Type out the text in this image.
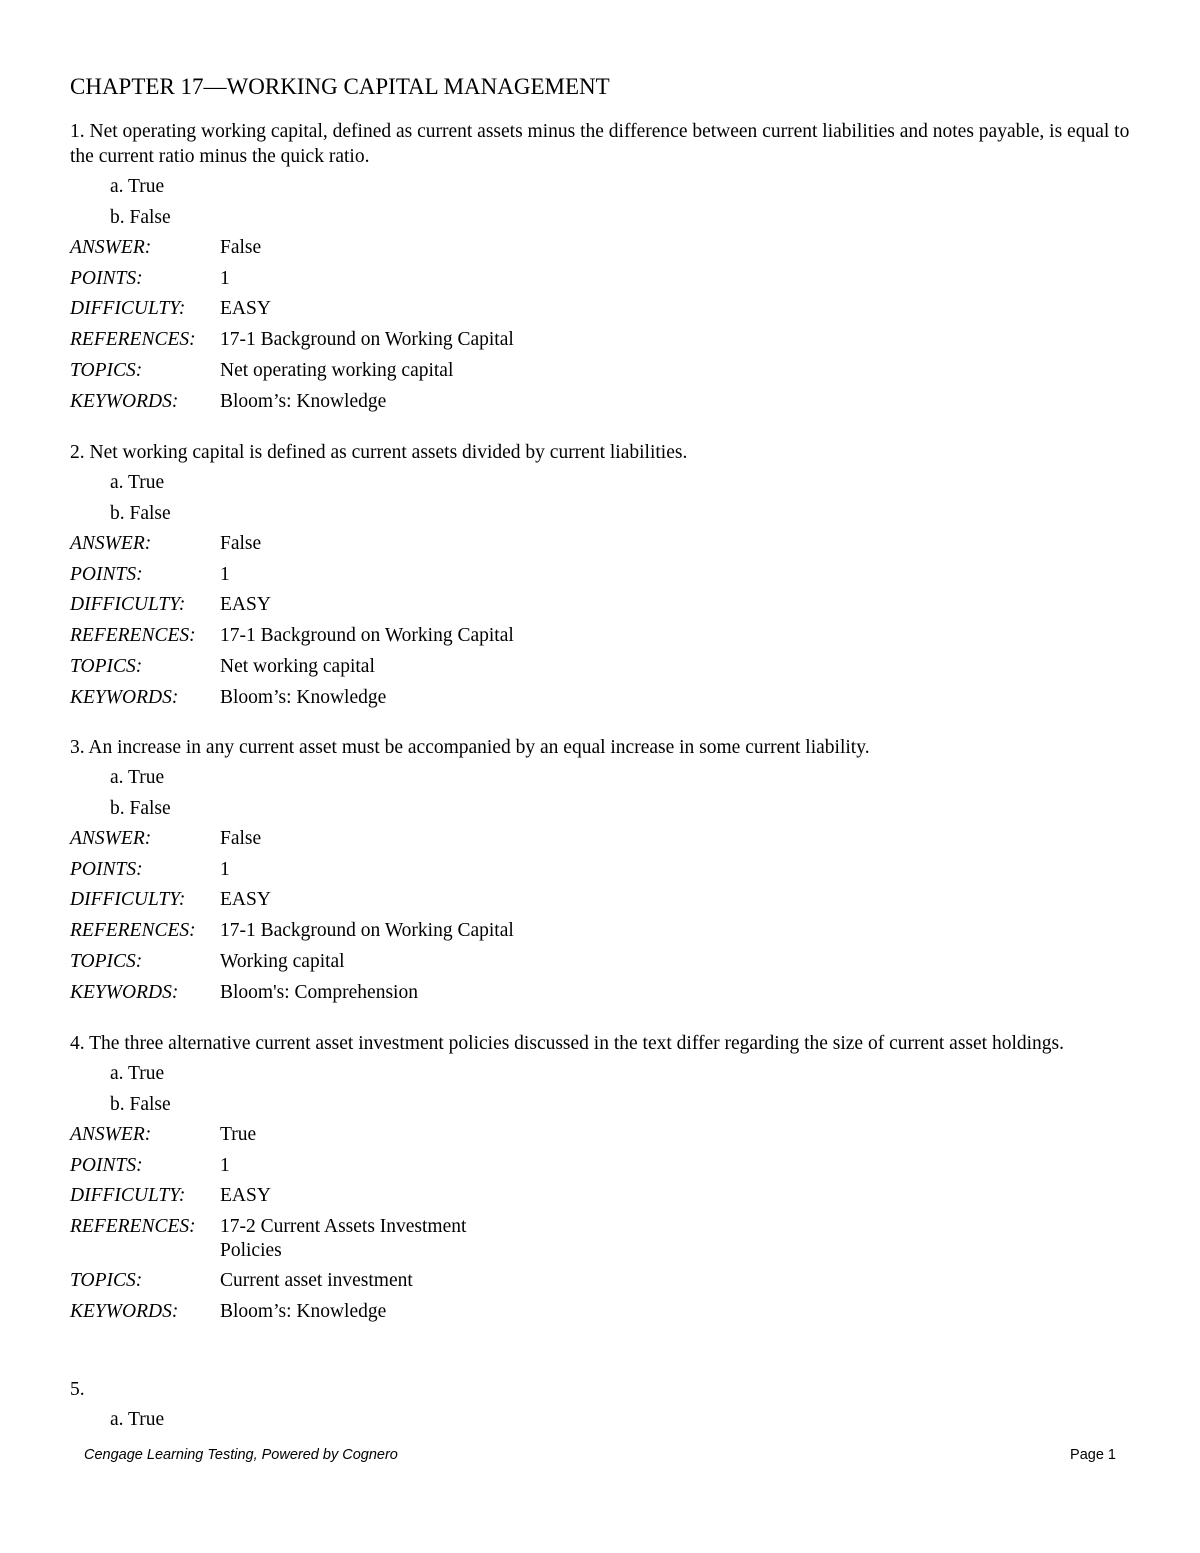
CHAPTER 17—WORKING CAPITAL MANAGEMENT

1. Net operating working capital, defined as current assets minus the difference between current liabilities and notes payable, is equal to the current ratio minus the quick ratio.

a. True
b. False
ANSWER:	False
POINTS:	1
DIFFICULTY:	EASY
REFERENCES:	17-1 Background on Working Capital
TOPICS:	Net operating working capital
KEYWORDS:	Bloom’s: Knowledge

2. Net working capital is defined as current assets divided by current liabilities.

a. True
b. False
ANSWER:	False
POINTS:	1
DIFFICULTY:	EASY
REFERENCES:	17-1 Background on Working Capital
TOPICS:	Net working capital
KEYWORDS:	Bloom’s: Knowledge

3. An increase in any current asset must be accompanied by an equal increase in some current liability.

a. True
b. False
ANSWER:	False
POINTS:	1
DIFFICULTY:	EASY
REFERENCES:	17-1 Background on Working Capital
TOPICS:	Working capital
KEYWORDS:	Bloom's: Comprehension

4. The three alternative current asset investment policies discussed in the text differ regarding the size of current asset holdings.

a. True
b. False
ANSWER:	True
POINTS:	1
DIFFICULTY:	EASY
REFERENCES:	17-2 Current Assets Investment Policies
TOPICS:	Current asset investment
KEYWORDS:	Bloom’s: Knowledge

5.

a. True
Cengage Learning Testing, Powered by Cognero	Page 1
